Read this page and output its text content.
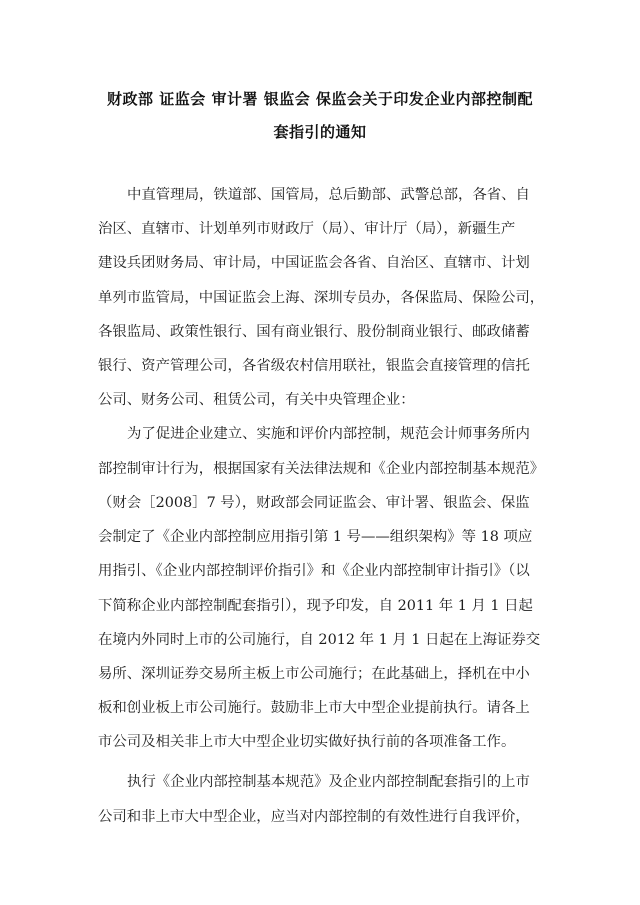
财政部 证监会 审计署 银监会 保监会关于印发企业内部控制配
套指引的通知
中直管理局，铁道部、国管局，总后勤部、武警总部，各省、自
治区、直辖市、计划单列市财政厅（局）、审计厅（局），新疆生产
建设兵团财务局、审计局，中国证监会各省、自治区、直辖市、计划
单列市监管局，中国证监会上海、深圳专员办，各保监局、保险公司，
各银监局、政策性银行、国有商业银行、股份制商业银行、邮政储蓄
银行、资产管理公司，各省级农村信用联社，银监会直接管理的信托
公司、财务公司、租赁公司，有关中央管理企业：
为了促进企业建立、实施和评价内部控制，规范会计师事务所内
部控制审计行为，根据国家有关法律法规和《企业内部控制基本规范》
（财会［2008］7 号），财政部会同证监会、审计署、银监会、保监
会制定了《企业内部控制应用指引第 1 号——组织架构》等 18 项应
用指引、《企业内部控制评价指引》和《企业内部控制审计指引》（以
下简称企业内部控制配套指引），现予印发，自 2011 年 1 月 1 日起
在境内外同时上市的公司施行，自 2012 年 1 月 1 日起在上海证券交
易所、深圳证券交易所主板上市公司施行；在此基础上，择机在中小
板和创业板上市公司施行。鼓励非上市大中型企业提前执行。请各上
市公司及相关非上市大中型企业切实做好执行前的各项准备工作。
执行《企业内部控制基本规范》及企业内部控制配套指引的上市
公司和非上市大中型企业，应当对内部控制的有效性进行自我评价，
